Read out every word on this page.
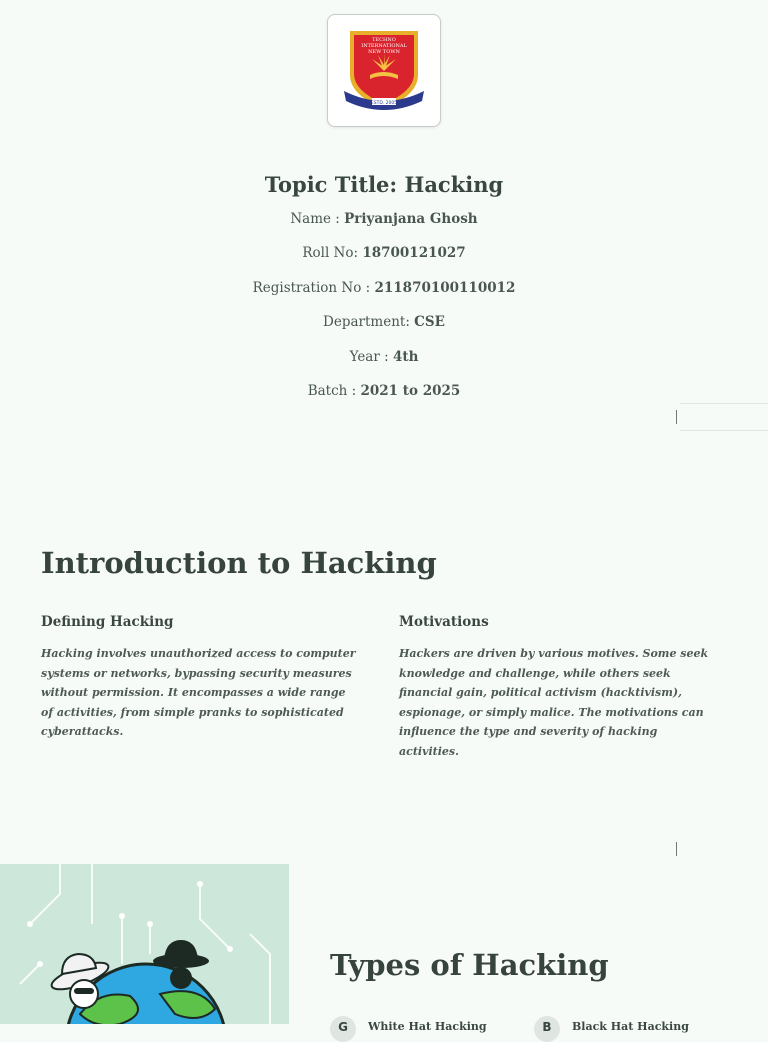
TECHNO
INTERNATIONAL
NEW TOWN
ESTD. 2005
Topic Title: Hacking
Name : Priyanjana Ghosh
Roll No: 18700121027
Registration No : 211870100110012
Department: CSE
Year : 4th
Batch : 2021 to 2025
Introduction to Hacking
Defining Hacking
Hacking involves unauthorized access to computer systems or networks, bypassing security measures without permission. It encompasses a wide range of activities, from simple pranks to sophisticated cyberattacks.
Motivations
Hackers are driven by various motives. Some seek knowledge and challenge, while others seek financial gain, political activism (hacktivism), espionage, or simply malice. The motivations can influence the type and severity of hacking activities.
Types of Hacking
G	White Hat Hacking	B	Black Hat Hacking
